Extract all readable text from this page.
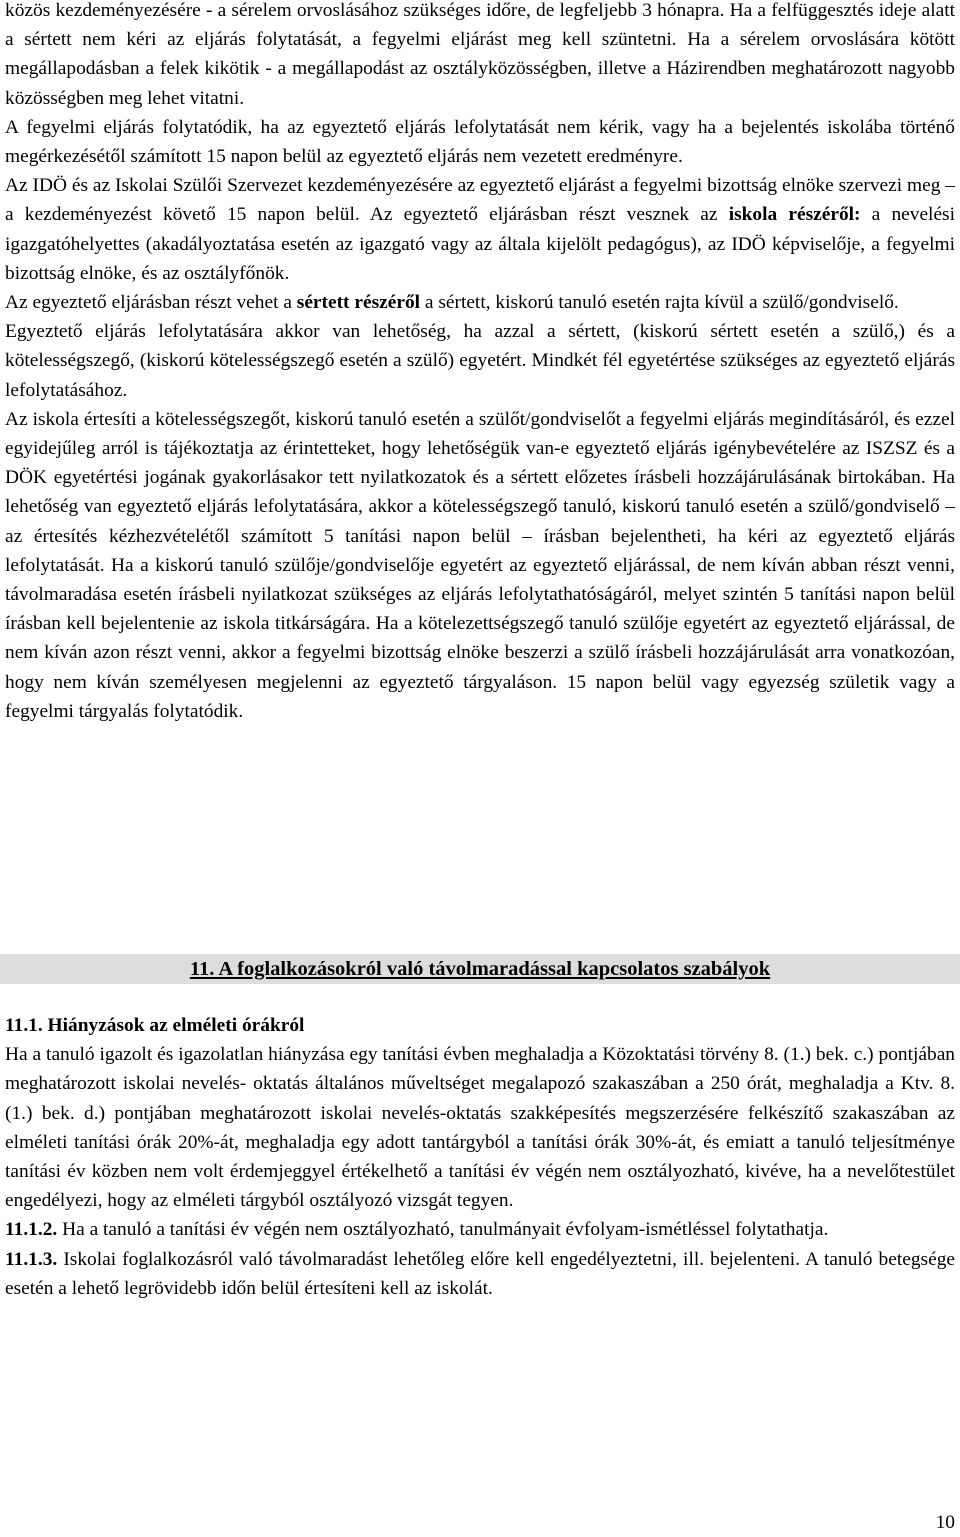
közös kezdeményezésére - a sérelem orvoslásához szükséges időre, de legfeljebb 3 hónapra. Ha a felfüggesztés ideje alatt a sértett nem kéri az eljárás folytatását, a fegyelmi eljárást meg kell szüntetni. Ha a sérelem orvoslására kötött megállapodásban a felek kikötik - a megállapodást az osztályközösségben, illetve a Házirendben meghatározott nagyobb közösségben meg lehet vitatni.

A fegyelmi eljárás folytatódik, ha az egyeztető eljárás lefolytatását nem kérik, vagy ha a bejelentés iskolába történő megérkezésétől számított 15 napon belül az egyeztető eljárás nem vezetett eredményre.

Az IDÖ és az Iskolai Szülői Szervezet kezdeményezésére az egyeztető eljárást a fegyelmi bizottság elnöke szervezi meg – a kezdeményezést követő 15 napon belül. Az egyeztető eljárásban részt vesznek az iskola részéről: a nevelési igazgatóhelyettes (akadályoztatása esetén az igazgató vagy az általa kijelölt pedagógus), az IDÖ képviselője, a fegyelmi bizottság elnöke, és az osztályfőnök.

Az egyeztető eljárásban részt vehet a sértett részéről a sértett, kiskorú tanuló esetén rajta kívül a szülő/gondviselő.

Egyeztető eljárás lefolytatására akkor van lehetőség, ha azzal a sértett, (kiskorú sértett esetén a szülő,) és a kötelességszegő, (kiskorú kötelességszegő esetén a szülő) egyetért. Mindkét fél egyetértése szükséges az egyeztető eljárás lefolytatásához.

Az iskola értesíti a kötelességszegőt, kiskorú tanuló esetén a szülőt/gondviselőt a fegyelmi eljárás megindításáról, és ezzel egyidejűleg arról is tájékoztatja az érintetteket, hogy lehetőségük van-e egyeztető eljárás igénybevételére az ISZSZ és a DÖK egyetértési jogának gyakorlásakor tett nyilatkozatok és a sértett előzetes írásbeli hozzájárulásának birtokában. Ha lehetőség van egyeztető eljárás lefolytatására, akkor a kötelességszegő tanuló, kiskorú tanuló esetén a szülő/gondviselő – az értesítés kézhezvételétől számított 5 tanítási napon belül – írásban bejelentheti, ha kéri az egyeztető eljárás lefolytatását. Ha a kiskorú tanuló szülője/gondviselője egyetért az egyeztető eljárással, de nem kíván abban részt venni, távolmaradása esetén írásbeli nyilatkozat szükséges az eljárás lefolytathatóságáról, melyet szintén 5 tanítási napon belül írásban kell bejelentenie az iskola titkárságára. Ha a kötelezettségszegő tanuló szülője egyetért az egyeztető eljárással, de nem kíván azon részt venni, akkor a fegyelmi bizottság elnöke beszerzi a szülő írásbeli hozzájárulását arra vonatkozóan, hogy nem kíván személyesen megjelenni az egyeztető tárgyaláson. 15 napon belül vagy egyezség születik vagy a fegyelmi tárgyalás folytatódik.

11.1. Hiányzások az elméleti órákról

Ha a tanuló igazolt és igazolatlan hiányzása egy tanítási évben meghaladja a Közoktatási törvény 8. (1.) bek. c.) pontjában meghatározott iskolai nevelés- oktatás általános műveltséget megalapozó szakaszában a 250 órát, meghaladja a Ktv. 8. (1.) bek. d.) pontjában meghatározott iskolai nevelés-oktatás szakképesítés megszerzésére felkészítő szakaszában az elméleti tanítási órák 20%-át, meghaladja egy adott tantárgyból a tanítási órák 30%-át, és emiatt a tanuló teljesítménye tanítási év közben nem volt érdemjeggyel értékelhető a tanítási év végén nem osztályozható, kivéve, ha a nevelőtestület engedélyezi, hogy az elméleti tárgyból osztályozó vizsgát tegyen.

11.1.2. Ha a tanuló a tanítási év végén nem osztályozható, tanulmányait évfolyam-ismétléssel folytathatja.

11.1.3. Iskolai foglalkozásról való távolmaradást lehetőleg előre kell engedélyeztetni, ill. bejelenteni. A tanuló betegsége esetén a lehető legrövidebb időn belül értesíteni kell az iskolát.

11. A foglalkozásokról való távolmaradással kapcsolatos szabályok
10
